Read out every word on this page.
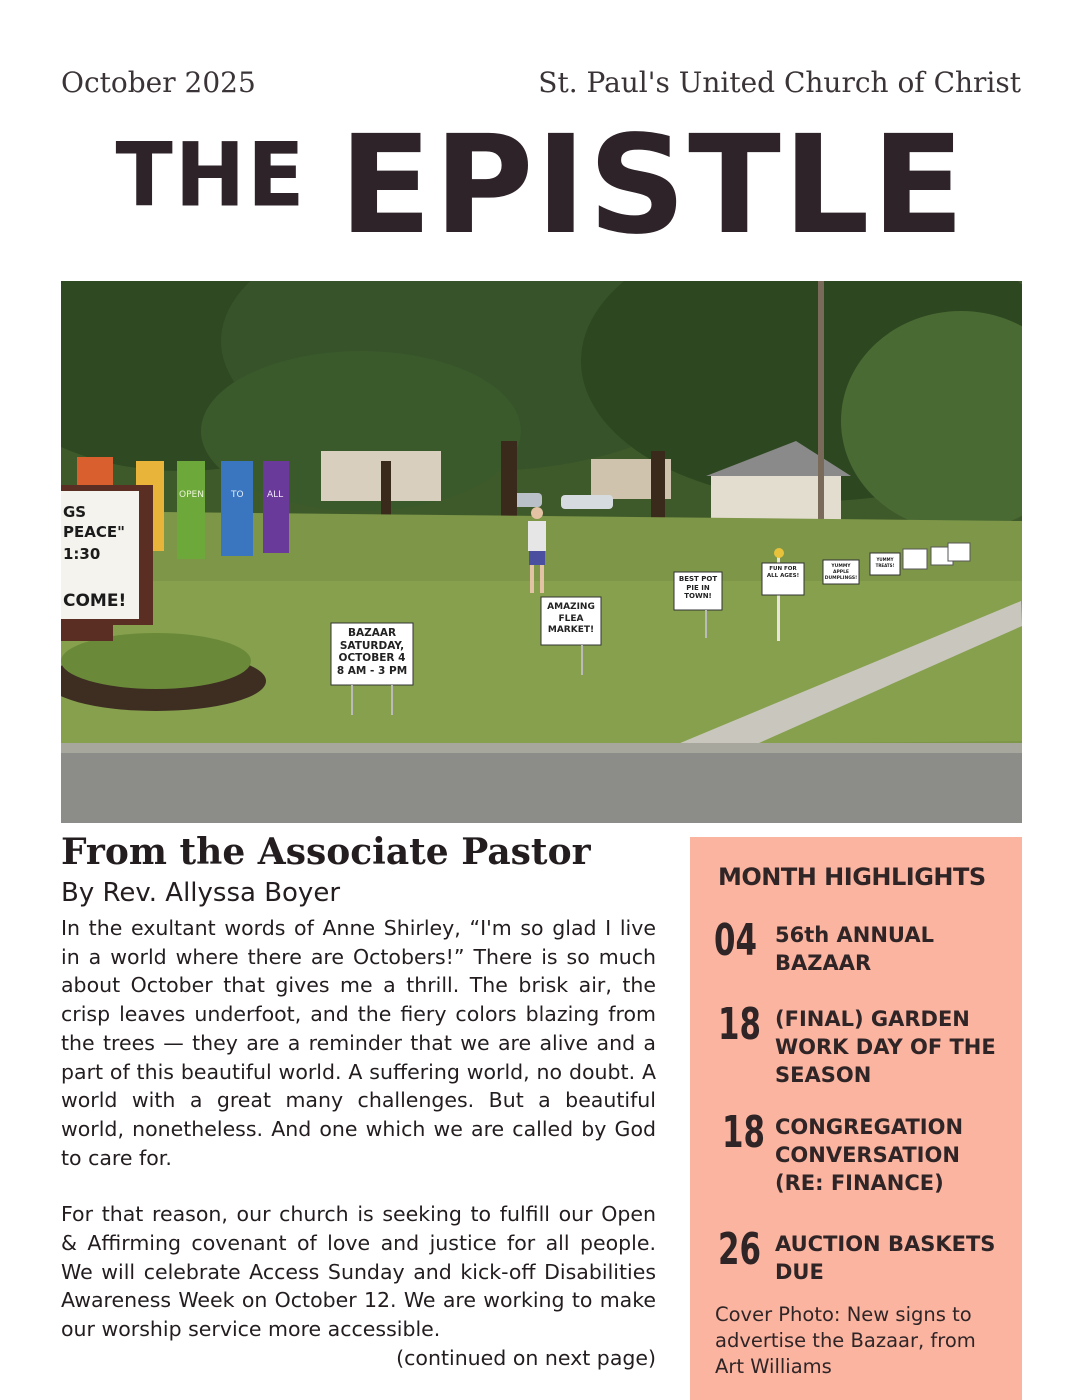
October 2025	St. Paul's United Church of Christ
THE EPISTLE
OPEN	TO	ALL
GS
PEACE"
1:30
COME!
BAZAAR SATURDAY, OCTOBER 4 8 AM - 3 PM
AMAZING FLEA MARKET!
BEST POT PIE IN TOWN!
FUN FOR ALL AGES!
YUMMY APPLE DUMPLINGS!
YUMMY TREATS!
From the Associate Pastor

By Rev. Allyssa Boyer

In the exultant words of Anne Shirley, “I'm so glad I live in a world where there are Octobers!” There is so much about October that gives me a thrill. The brisk air, the crisp leaves underfoot, and the fiery colors blazing from the trees — they are a reminder that we are alive and a part of this beautiful world. A suffering world, no doubt. A world with a great many challenges. But a beautiful world, nonetheless. And one which we are called by God to care for.

For that reason, our church is seeking to fulfill our Open & Affirming covenant of love and justice for all people. We will celebrate Access Sunday and kick-off Disabilities Awareness Week on October 12. We are working to make our worship service more accessible.

(continued on next page)
MONTH HIGHLIGHTS
04 56th ANNUAL BAZAAR
18 (FINAL) GARDEN WORK DAY OF THE SEASON
18 CONGREGATION CONVERSATION (RE: FINANCE)
26 AUCTION BASKETS DUE
Cover Photo: New signs to advertise the Bazaar, from Art Williams
